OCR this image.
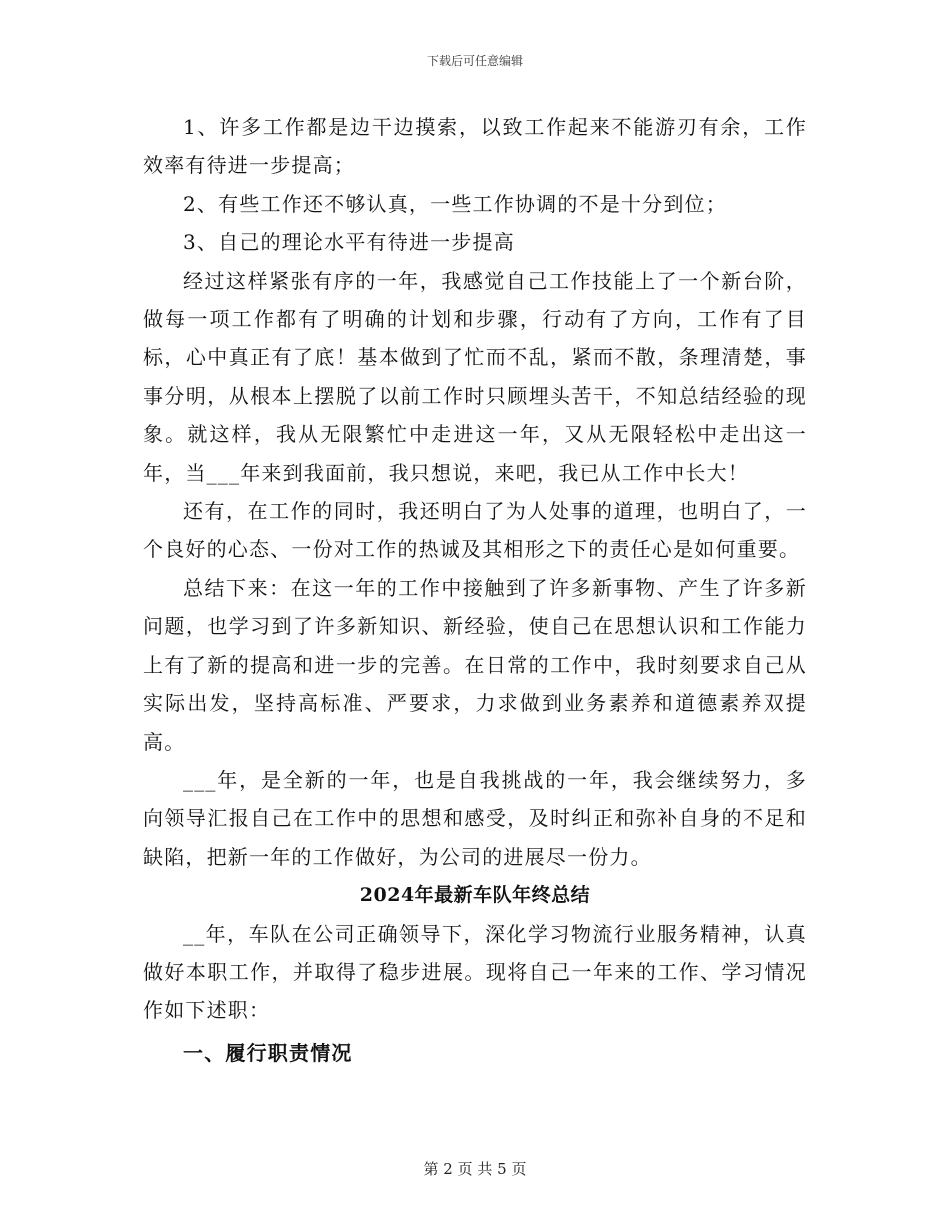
下载后可任意编辑

1、许多工作都是边干边摸索，以致工作起来不能游刃有余，工作效率有待进一步提高；

2、有些工作还不够认真，一些工作协调的不是十分到位；

3、自己的理论水平有待进一步提高

经过这样紧张有序的一年，我感觉自己工作技能上了一个新台阶，做每一项工作都有了明确的计划和步骤，行动有了方向，工作有了目标，心中真正有了底！基本做到了忙而不乱，紧而不散，条理清楚，事事分明，从根本上摆脱了以前工作时只顾埋头苦干，不知总结经验的现象。就这样，我从无限繁忙中走进这一年，又从无限轻松中走出这一年，当___年来到我面前，我只想说，来吧，我已从工作中长大！

还有，在工作的同时，我还明白了为人处事的道理，也明白了，一个良好的心态、一份对工作的热诚及其相形之下的责任心是如何重要。

总结下来：在这一年的工作中接触到了许多新事物、产生了许多新问题，也学习到了许多新知识、新经验，使自己在思想认识和工作能力上有了新的提高和进一步的完善。在日常的工作中，我时刻要求自己从实际出发，坚持高标准、严要求，力求做到业务素养和道德素养双提高。

___年，是全新的一年，也是自我挑战的一年，我会继续努力，多向领导汇报自己在工作中的思想和感受，及时纠正和弥补自身的不足和缺陷，把新一年的工作做好，为公司的进展尽一份力。

2024年最新车队年终总结

__年，车队在公司正确领导下，深化学习物流行业服务精神，认真做好本职工作，并取得了稳步进展。现将自己一年来的工作、学习情况作如下述职：

一、履行职责情况

第 2 页 共 5 页
